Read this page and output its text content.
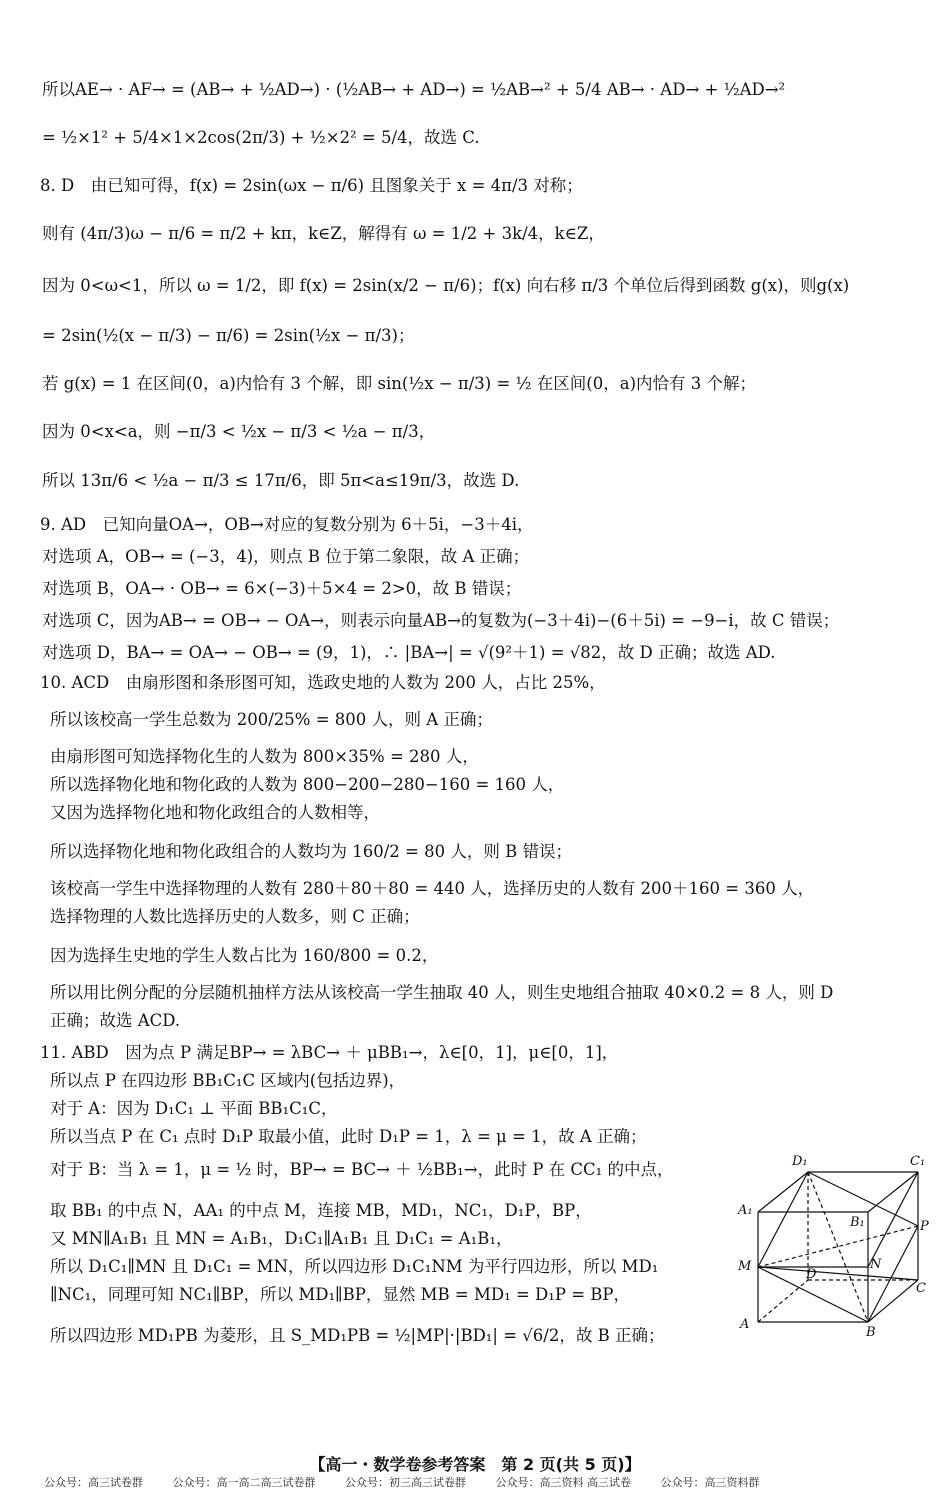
所以AE→ · AF→ = (AB→ + ½AD→) · (½AB→ + AD→) = ½AB→² + 5/4 AB→ · AD→ + ½AD→²
= ½×1² + 5/4×1×2cos(2π/3) + ½×2² = 5/4，故选 C.
8. D　由已知可得，f(x) = 2sin(ωx − π/6) 且图象关于 x = 4π/3 对称；
则有 (4π/3)ω − π/6 = π/2 + kπ，k∈Z，解得有 ω = 1/2 + 3k/4，k∈Z，
因为 0<ω<1，所以 ω = 1/2，即 f(x) = 2sin(x/2 − π/6)；f(x) 向右移 π/3 个单位后得到函数 g(x)，则g(x)
= 2sin(½(x − π/3) − π/6) = 2sin(½x − π/3)；
若 g(x) = 1 在区间(0，a)内恰有 3 个解，即 sin(½x − π/3) = ½ 在区间(0，a)内恰有 3 个解；
因为 0<x<a，则 −π/3 < ½x − π/3 < ½a − π/3，
所以 13π/6 < ½a − π/3 ≤ 17π/6，即 5π<a≤19π/3，故选 D.
9. AD　已知向量OA→，OB→对应的复数分别为 6＋5i，−3＋4i，
对选项 A，OB→ = (−3，4)，则点 B 位于第二象限，故 A 正确；
对选项 B，OA→ · OB→ = 6×(−3)＋5×4 = 2>0，故 B 错误；
对选项 C，因为AB→ = OB→ − OA→，则表示向量AB→的复数为(−3＋4i)−(6＋5i) = −9−i，故 C 错误；
对选项 D，BA→ = OA→ − OB→ = (9，1)，∴ |BA→| = √(9²＋1) = √82，故 D 正确；故选 AD.
10. ACD　由扇形图和条形图可知，选政史地的人数为 200 人，占比 25%，
所以该校高一学生总数为 200/25% = 800 人，则 A 正确；
由扇形图可知选择物化生的人数为 800×35% = 280 人，
所以选择物化地和物化政的人数为 800−200−280−160 = 160 人，
又因为选择物化地和物化政组合的人数相等，
所以选择物化地和物化政组合的人数均为 160/2 = 80 人，则 B 错误；
该校高一学生中选择物理的人数有 280＋80＋80 = 440 人，选择历史的人数有 200＋160 = 360 人，
选择物理的人数比选择历史的人数多，则 C 正确；
因为选择生史地的学生人数占比为 160/800 = 0.2，
所以用比例分配的分层随机抽样方法从该校高一学生抽取 40 人，则生史地组合抽取 40×0.2 = 8 人，则 D
正确；故选 ACD.
11. ABD　因为点 P 满足BP→ = λBC→ ＋ μBB₁→，λ∈[0，1]，μ∈[0，1]，
所以点 P 在四边形 BB₁C₁C 区域内(包括边界)，
对于 A：因为 D₁C₁ ⊥ 平面 BB₁C₁C，
所以当点 P 在 C₁ 点时 D₁P 取最小值，此时 D₁P = 1，λ = μ = 1，故 A 正确；
对于 B：当 λ = 1，μ = ½ 时，BP→ = BC→ ＋ ½BB₁→，此时 P 在 CC₁ 的中点，
取 BB₁ 的中点 N，AA₁ 的中点 M，连接 MB，MD₁，NC₁，D₁P，BP，
又 MN∥A₁B₁ 且 MN = A₁B₁，D₁C₁∥A₁B₁ 且 D₁C₁ = A₁B₁，
所以 D₁C₁∥MN 且 D₁C₁ = MN，所以四边形 D₁C₁NM 为平行四边形，所以 MD₁
∥NC₁，同理可知 NC₁∥BP，所以 MD₁∥BP，显然 MB = MD₁ = D₁P = BP，
所以四边形 MD₁PB 为菱形，且 S_MD₁PB = ½|MP|·|BD₁| = √6/2，故 B 正确；
D₁	C₁
A₁
B₁	P
M	N
D
C
A
B
【高一・数学卷参考答案　第 2 页(共 5 页)】
公众号：高三试卷群	公众号：高一高二高三试卷群	公众号：初三高三试卷群	公众号：高三资料 高三试卷	公众号：高三资料群
